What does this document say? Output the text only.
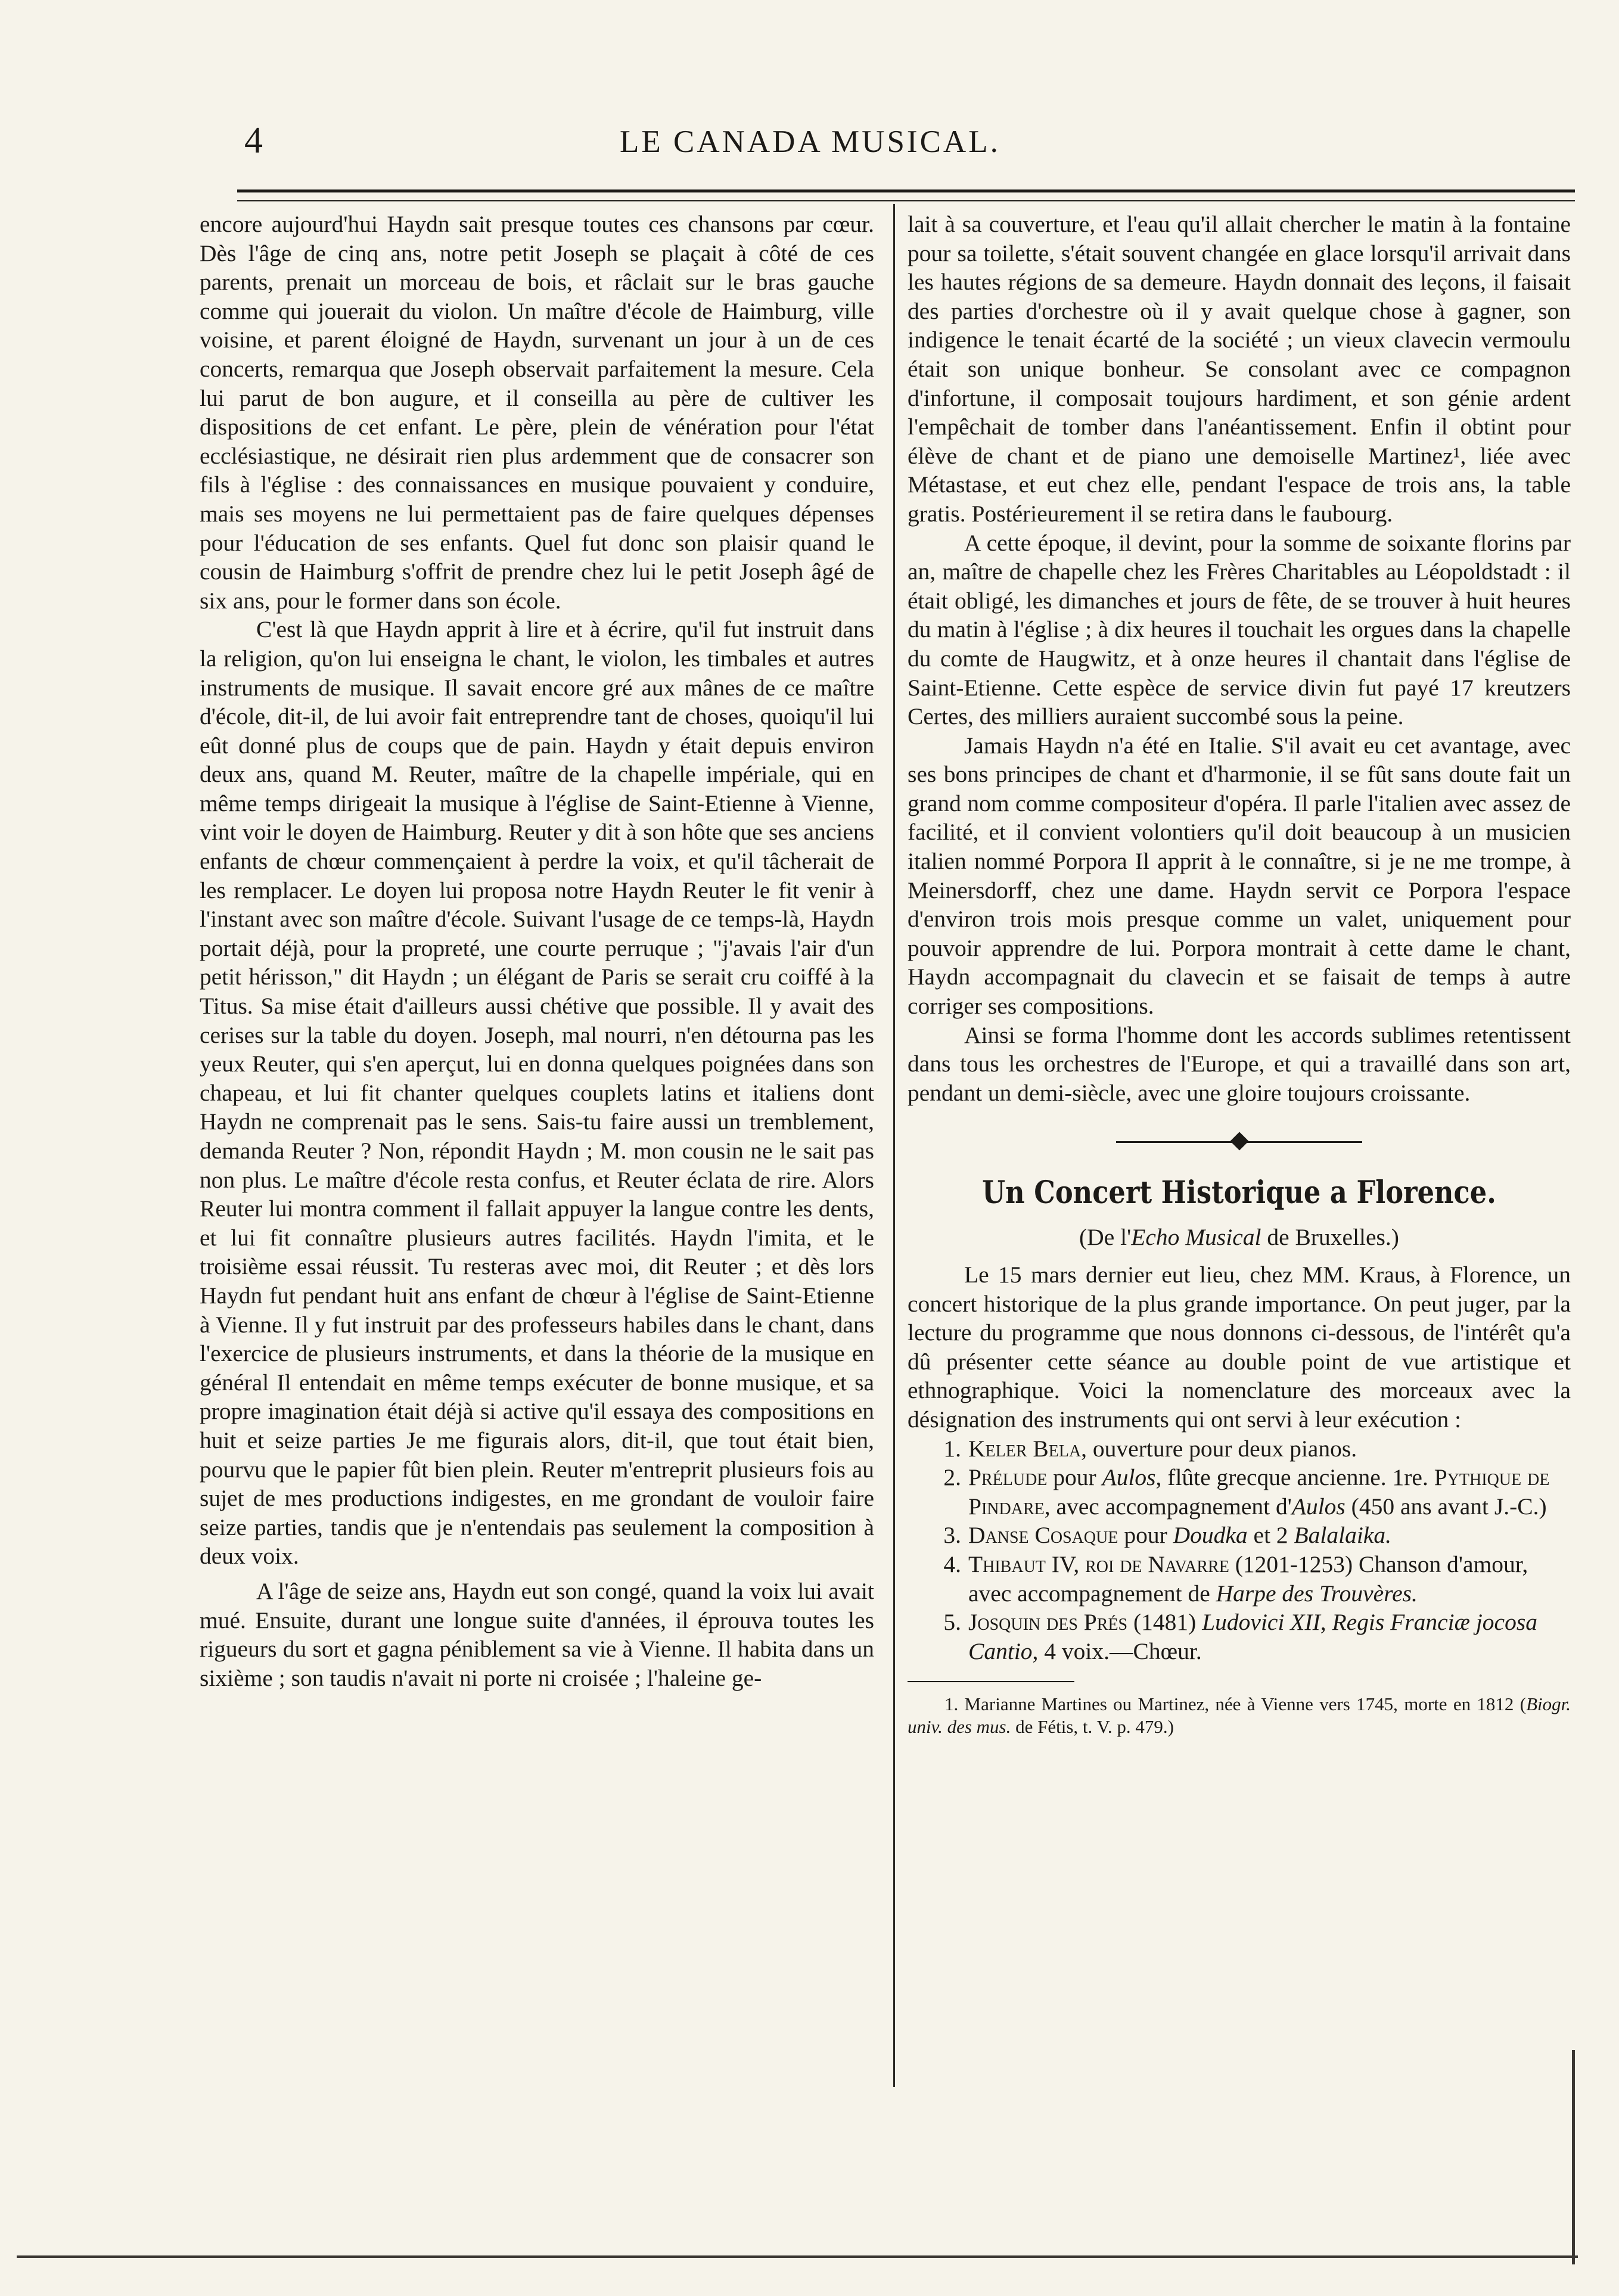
4	LE CANADA MUSICAL.

encore aujourd'hui Haydn sait presque toutes ces chansons par cœur. Dès l'âge de cinq ans, notre petit Joseph se plaçait à côté de ces parents, prenait un morceau de bois, et râclait sur le bras gauche comme qui jouerait du violon. Un maître d'école de Haimburg, ville voisine, et parent éloigné de Haydn, survenant un jour à un de ces concerts, remarqua que Joseph observait parfaitement la mesure. Cela lui parut de bon augure, et il conseilla au père de cultiver les dispositions de cet enfant. Le père, plein de vénération pour l'état ecclésiastique, ne désirait rien plus ardemment que de consacrer son fils à l'église : des connaissances en musique pouvaient y conduire, mais ses moyens ne lui permettaient pas de faire quelques dépenses pour l'éducation de ses enfants. Quel fut donc son plaisir quand le cousin de Haimburg s'offrit de prendre chez lui le petit Joseph âgé de six ans, pour le former dans son école.

C'est là que Haydn apprit à lire et à écrire, qu'il fut instruit dans la religion, qu'on lui enseigna le chant, le violon, les timbales et autres instruments de musique. Il savait encore gré aux mânes de ce maître d'école, dit-il, de lui avoir fait entreprendre tant de choses, quoiqu'il lui eût donné plus de coups que de pain. Haydn y était depuis environ deux ans, quand M. Reuter, maître de la chapelle impériale, qui en même temps dirigeait la musique à l'église de Saint-Etienne à Vienne, vint voir le doyen de Haimburg. Reuter y dit à son hôte que ses anciens enfants de chœur commençaient à perdre la voix, et qu'il tâcherait de les remplacer. Le doyen lui proposa notre Haydn Reuter le fit venir à l'instant avec son maître d'école. Suivant l'usage de ce temps-là, Haydn portait déjà, pour la propreté, une courte perruque ; "j'avais l'air d'un petit hérisson," dit Haydn ; un élégant de Paris se serait cru coiffé à la Titus. Sa mise était d'ailleurs aussi chétive que possible. Il y avait des cerises sur la table du doyen. Joseph, mal nourri, n'en détourna pas les yeux Reuter, qui s'en aperçut, lui en donna quelques poignées dans son chapeau, et lui fit chanter quelques couplets latins et italiens dont Haydn ne comprenait pas le sens. Sais-tu faire aussi un tremblement, demanda Reuter ? Non, répondit Haydn ; M. mon cousin ne le sait pas non plus. Le maître d'école resta confus, et Reuter éclata de rire. Alors Reuter lui montra comment il fallait appuyer la langue contre les dents, et lui fit connaître plusieurs autres facilités. Haydn l'imita, et le troisième essai réussit. Tu resteras avec moi, dit Reuter ; et dès lors Haydn fut pendant huit ans enfant de chœur à l'église de Saint-Etienne à Vienne. Il y fut instruit par des professeurs habiles dans le chant, dans l'exercice de plusieurs instruments, et dans la théorie de la musique en général Il entendait en même temps exécuter de bonne musique, et sa propre imagination était déjà si active qu'il essaya des compositions en huit et seize parties Je me figurais alors, dit-il, que tout était bien, pourvu que le papier fût bien plein. Reuter m'entreprit plusieurs fois au sujet de mes productions indigestes, en me grondant de vouloir faire seize parties, tandis que je n'entendais pas seulement la composition à deux voix.

A l'âge de seize ans, Haydn eut son congé, quand la voix lui avait mué. Ensuite, durant une longue suite d'années, il éprouva toutes les rigueurs du sort et gagna péniblement sa vie à Vienne. Il habita dans un sixième ; son taudis n'avait ni porte ni croisée ; l'haleine ge-

lait à sa couverture, et l'eau qu'il allait chercher le matin à la fontaine pour sa toilette, s'était souvent changée en glace lorsqu'il arrivait dans les hautes régions de sa demeure. Haydn donnait des leçons, il faisait des parties d'orchestre où il y avait quelque chose à gagner, son indigence le tenait écarté de la société ; un vieux clavecin vermoulu était son unique bonheur. Se consolant avec ce compagnon d'infortune, il composait toujours hardiment, et son génie ardent l'empêchait de tomber dans l'anéantissement. Enfin il obtint pour élève de chant et de piano une demoiselle Martinez¹, liée avec Métastase, et eut chez elle, pendant l'espace de trois ans, la table gratis. Postérieurement il se retira dans le faubourg.

A cette époque, il devint, pour la somme de soixante florins par an, maître de chapelle chez les Frères Charitables au Léopoldstadt : il était obligé, les dimanches et jours de fête, de se trouver à huit heures du matin à l'église ; à dix heures il touchait les orgues dans la chapelle du comte de Haugwitz, et à onze heures il chantait dans l'église de Saint-Etienne. Cette espèce de service divin fut payé 17 kreutzers Certes, des milliers auraient succombé sous la peine.

Jamais Haydn n'a été en Italie. S'il avait eu cet avantage, avec ses bons principes de chant et d'harmonie, il se fût sans doute fait un grand nom comme compositeur d'opéra. Il parle l'italien avec assez de facilité, et il convient volontiers qu'il doit beaucoup à un musicien italien nommé Porpora Il apprit à le connaître, si je ne me trompe, à Meinersdorff, chez une dame. Haydn servit ce Porpora l'espace d'environ trois mois presque comme un valet, uniquement pour pouvoir apprendre de lui. Porpora montrait à cette dame le chant, Haydn accompagnait du clavecin et se faisait de temps à autre corriger ses compositions.

Ainsi se forma l'homme dont les accords sublimes retentissent dans tous les orchestres de l'Europe, et qui a travaillé dans son art, pendant un demi-siècle, avec une gloire toujours croissante.

Un Concert Historique a Florence.
(De l'Echo Musical de Bruxelles.)

Le 15 mars dernier eut lieu, chez MM. Kraus, à Florence, un concert historique de la plus grande importance. On peut juger, par la lecture du programme que nous donnons ci-dessous, de l'intérêt qu'a dû présenter cette séance au double point de vue artistique et ethnographique. Voici la nomenclature des morceaux avec la désignation des instruments qui ont servi à leur exécution :

1. Keler Bela, ouverture pour deux pianos.
2. Prélude pour Aulos, flûte grecque ancienne. 1re. Pythique de Pindare, avec accompagnement d'Aulos (450 ans avant J.-C.)
3. Danse Cosaque pour Doudka et 2 Balalaika.
4. Thibaut IV, roi de Navarre (1201-1253) Chanson d'amour, avec accompagnement de Harpe des Trouvères.
5. Josquin des Prés (1481) Ludovici XII, Regis Franciæ jocosa Cantio, 4 voix.—Chœur.
1. Marianne Martines ou Martinez, née à Vienne vers 1745, morte en 1812 (Biogr. univ. des mus. de Fétis, t. V. p. 479.)
